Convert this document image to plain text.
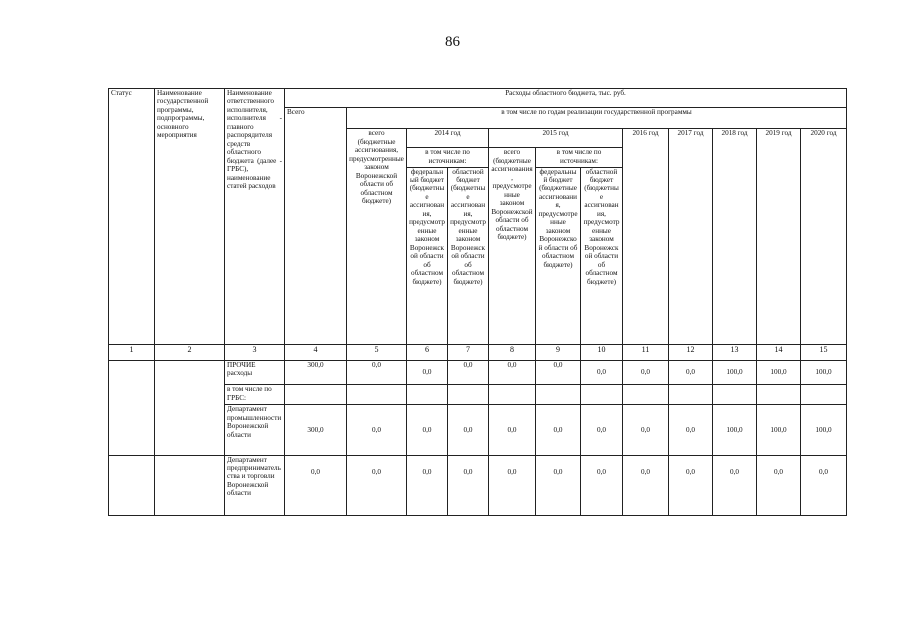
86
Статус	Наименование государственной программы, подпрограммы, основного мероприятия	Наименование ответственного исполнителя, исполнителя - главного распорядителя средств областного бюджета (далее - ГРБС), наименование статей расходов	Расходы областного бюджета, тыс. руб.											
			Всего	в том числе по годам реализации государственной программы										
				всего (бюджетные ассигнования, предусмотренные законом Воронежской области об областном бюджете)	2014 год		2015 год			2016 год	2017 год	2018 год	2019 год	2020 год
					в том числе по источникам:		всего (бюджетные ассигнования, предусмотренные законом Воронежской области об областном бюджете)	в том числе по источникам:						
					федеральный бюджет (бюджетные ассигнования, предусмотренные законом Воронежской области об областном бюджете)	областной бюджет (бюджетные ассигнования, предусмотренные законом Воронежской области об областном бюджете)		федеральный бюджет (бюджетные ассигнования, предусмотренные законом Воронежской области об областном бюджете)	областной бюджет (бюджетные ассигнования, предусмотренные законом Воронежской области об областном бюджете)					
1	2	3	4	5	6	7	8	9	10	11	12	13	14	15
		ПРОЧИЕ расходы	300,0	0,0	0,0	0,0	0,0	0,0	0,0	0,0	0,0	100,0	100,0	100,0
		в том числе по ГРБС:												
		Департамент промышленности Воронежской области	300,0	0,0	0,0	0,0	0,0	0,0	0,0	0,0	0,0	100,0	100,0	100,0
		Департамент предпринимательства и торговли Воронежской области	0,0	0,0	0,0	0,0	0,0	0,0	0,0	0,0	0,0	0,0	0,0	0,0
